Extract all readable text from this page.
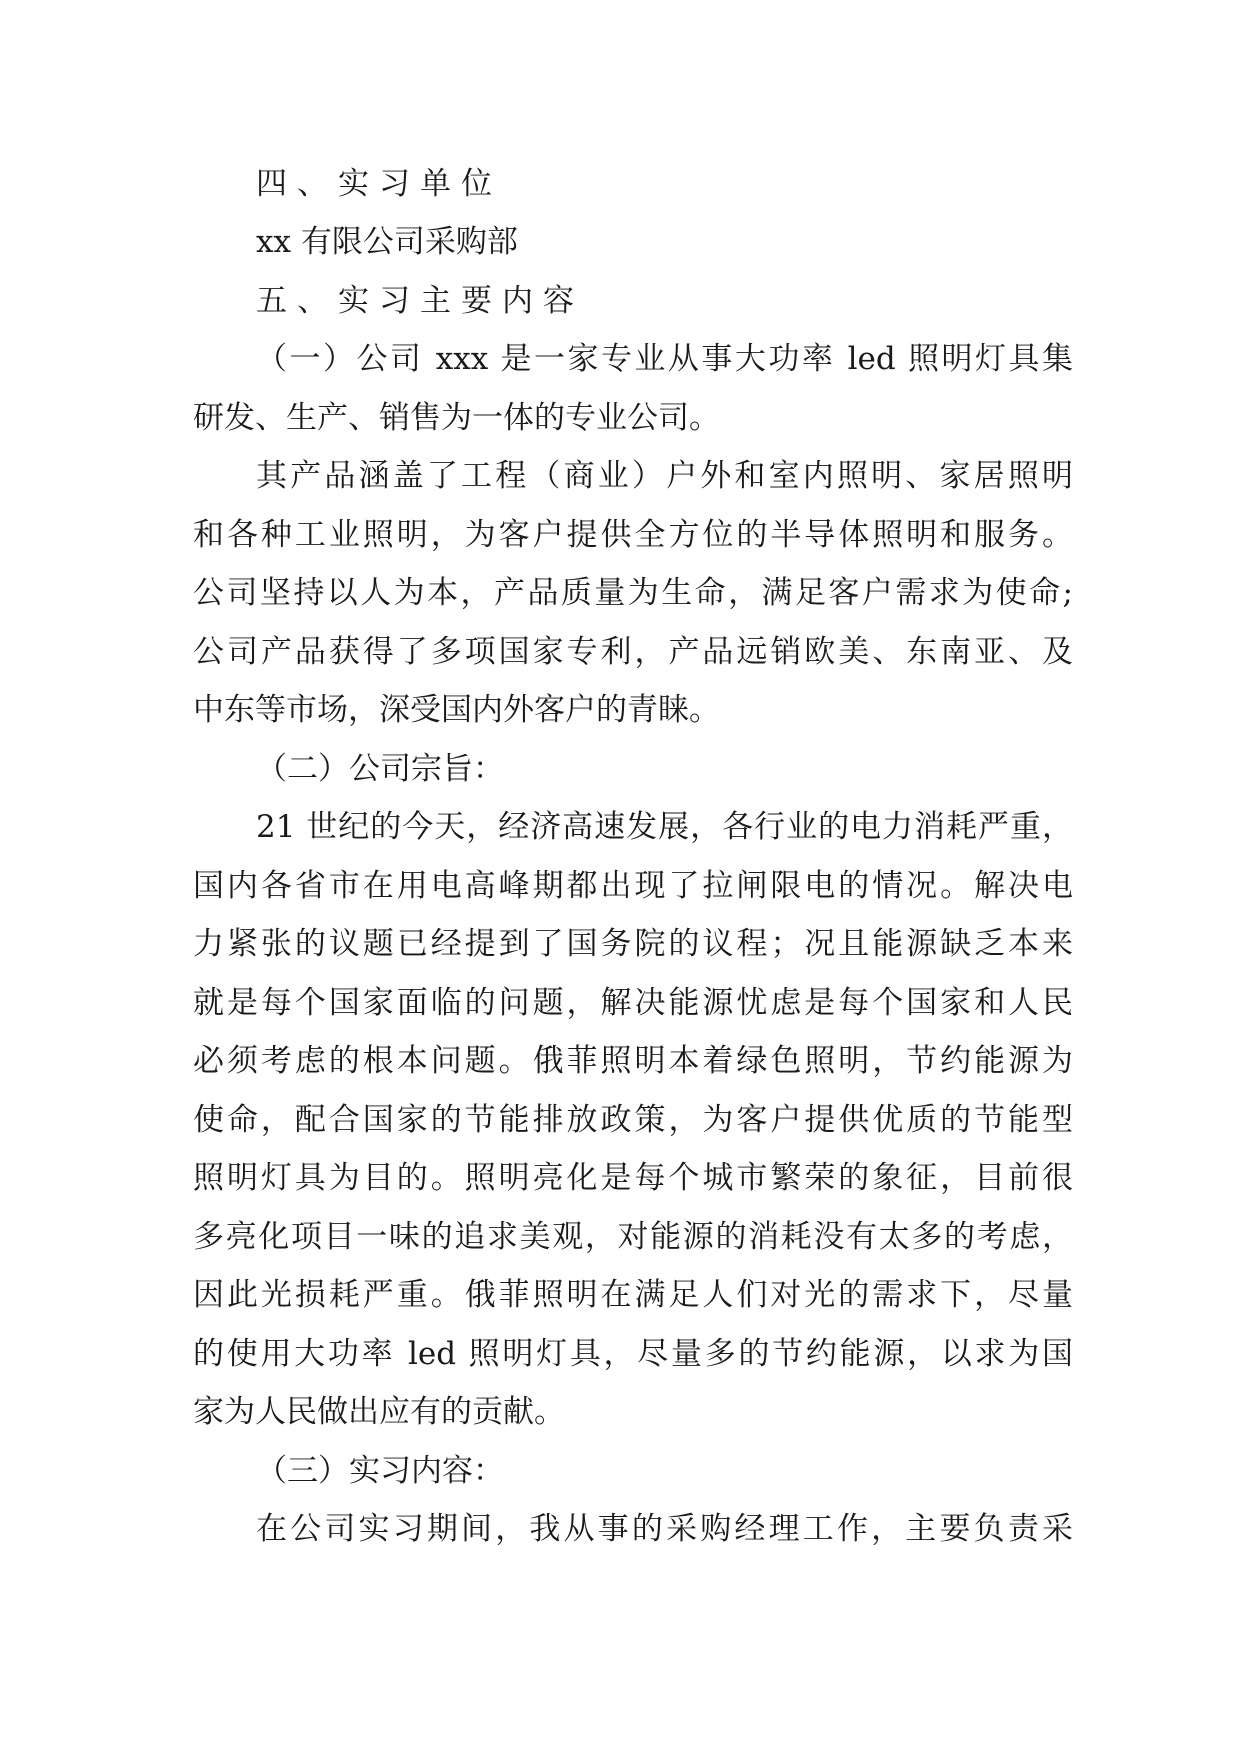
四、实习单位
xx 有限公司采购部
五、实习主要内容
（一）公司 xxx 是一家专业从事大功率 led 照明灯具集
研发、生产、销售为一体的专业公司。
其产品涵盖了工程（商业）户外和室内照明、家居照明
和各种工业照明，为客户提供全方位的半导体照明和服务。
公司坚持以人为本，产品质量为生命，满足客户需求为使命;
公司产品获得了多项国家专利，产品远销欧美、东南亚、及
中东等市场，深受国内外客户的青睐。
（二）公司宗旨：
21 世纪的今天，经济高速发展，各行业的电力消耗严重，
国内各省市在用电高峰期都出现了拉闸限电的情况。解决电
力紧张的议题已经提到了国务院的议程；况且能源缺乏本来
就是每个国家面临的问题，解决能源忧虑是每个国家和人民
必须考虑的根本问题。俄菲照明本着绿色照明，节约能源为
使命，配合国家的节能排放政策，为客户提供优质的节能型
照明灯具为目的。照明亮化是每个城市繁荣的象征，目前很
多亮化项目一味的追求美观，对能源的消耗没有太多的考虑，
因此光损耗严重。俄菲照明在满足人们对光的需求下，尽量
的使用大功率 led 照明灯具，尽量多的节约能源，以求为国
家为人民做出应有的贡献。
（三）实习内容：
在公司实习期间，我从事的采购经理工作，主要负责采
